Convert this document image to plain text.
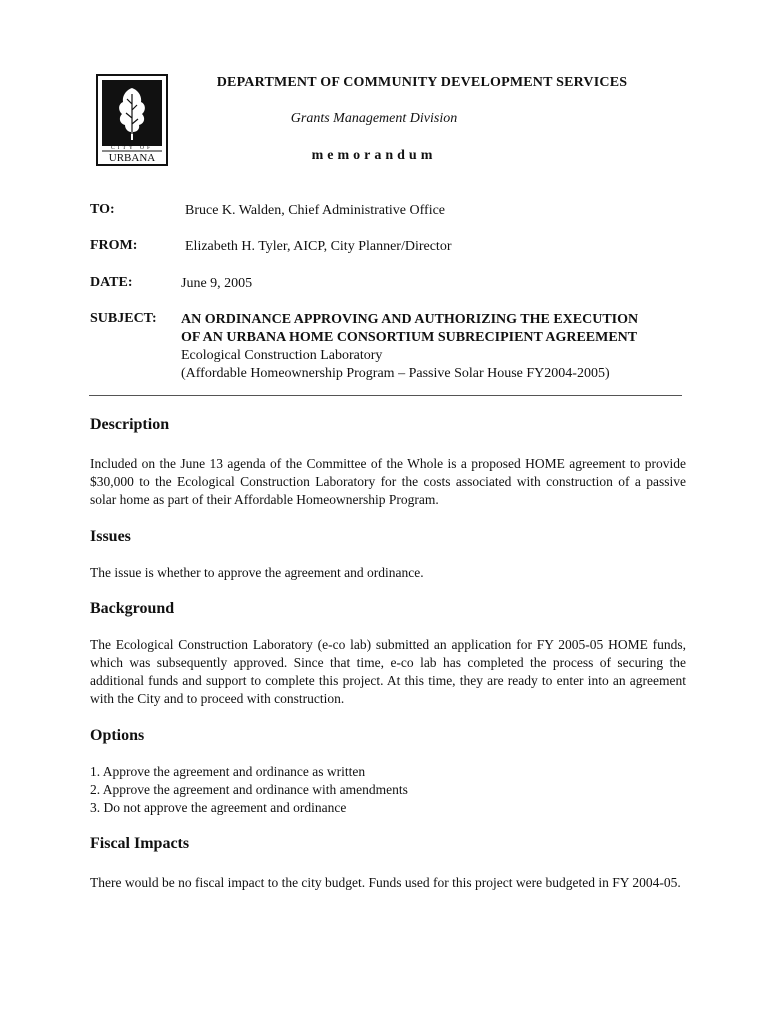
CITY OF
URBANA
DEPARTMENT OF COMMUNITY DEVELOPMENT SERVICES
Grants Management Division
memorandum
TO:	Bruce K. Walden, Chief Administrative Office
FROM:	Elizabeth H. Tyler, AICP, City Planner/Director
DATE:	June 9, 2005
SUBJECT: AN ORDINANCE APPROVING AND AUTHORIZING THE EXECUTION
OF AN URBANA HOME CONSORTIUM SUBRECIPIENT AGREEMENT
Ecological Construction Laboratory
(Affordable Homeownership Program – Passive Solar House FY2004-2005)
Description
Included on the June 13 agenda of the Committee of the Whole is a proposed HOME agreement to provide $30,000 to the Ecological Construction Laboratory for the costs associated with construction of a passive solar home as part of their Affordable Homeownership Program.
Issues
The issue is whether to approve the agreement and ordinance.
Background
The Ecological Construction Laboratory (e-co lab) submitted an application for FY 2005-05 HOME funds, which was subsequently approved. Since that time, e-co lab has completed the process of securing the additional funds and support to complete this project. At this time, they are ready to enter into an agreement with the City and to proceed with construction.
Options
1. Approve the agreement and ordinance as written
2. Approve the agreement and ordinance with amendments
3. Do not approve the agreement and ordinance
Fiscal Impacts
There would be no fiscal impact to the city budget. Funds used for this project were budgeted in FY 2004-05.
